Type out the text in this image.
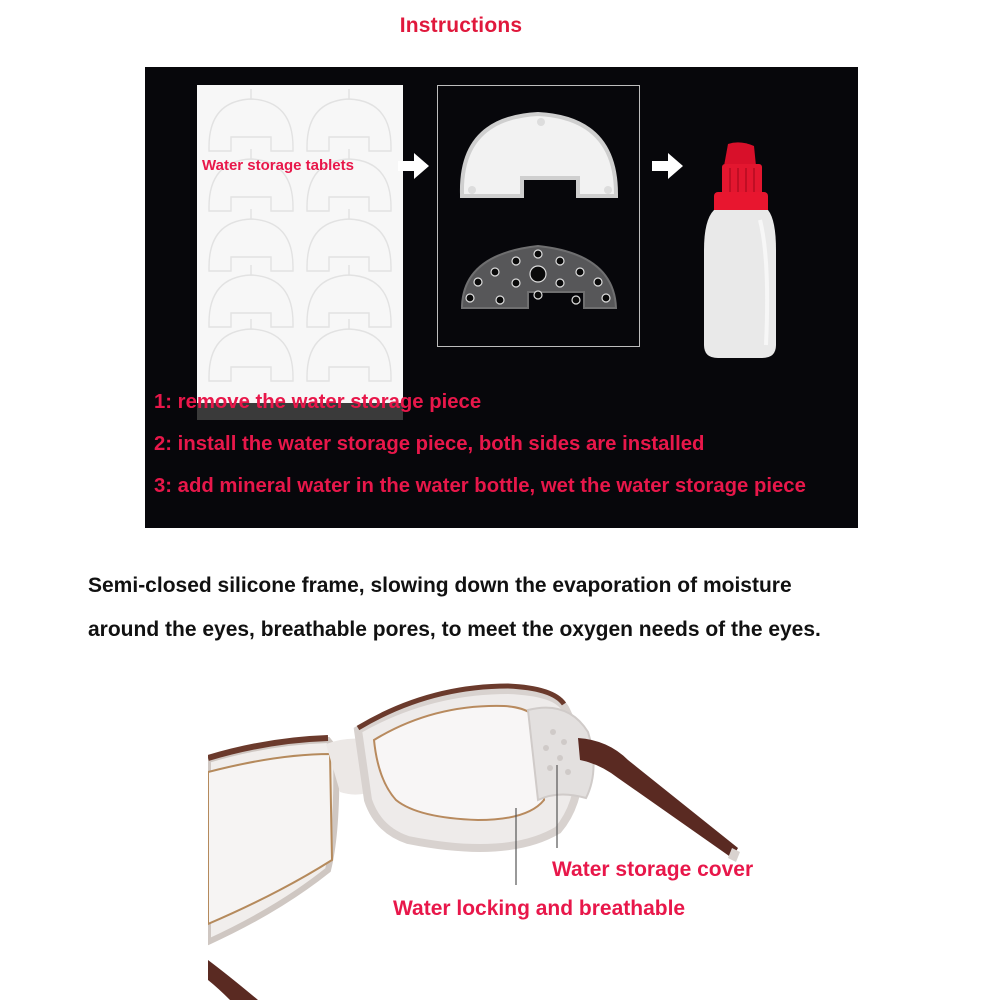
Instructions
Water storage tablets
1: remove the water storage piece
2: install the water storage piece, both sides are installed
3: add mineral water in the water bottle, wet the water storage piece
Semi-closed silicone frame, slowing down the evaporation of moisture
around the eyes, breathable pores, to meet the oxygen needs of the eyes.
Water storage cover
Water locking and breathable
